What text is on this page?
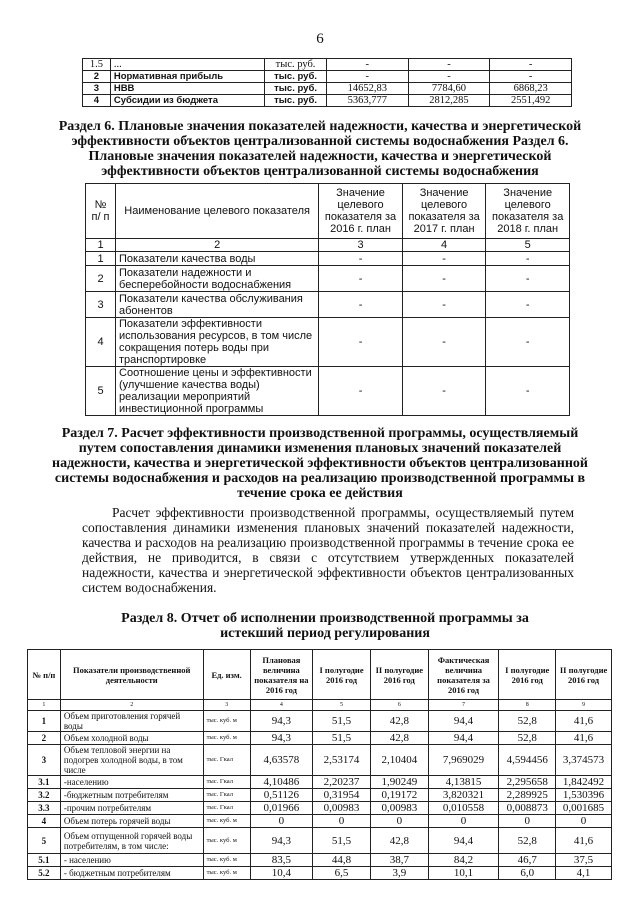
6
1.5	...	тыс. руб.	-	-	-
2	Нормативная прибыль	тыс. руб.	-	-	-
3	НВВ	тыс. руб.	14652,83	7784,60	6868,23
4	Субсидии из бюджета	тыс. руб.	5363,777	2812,285	2551,492
Раздел 6. Плановые значения показателей надежности, качества и энергетической эффективности объектов централизованной системы водоснабжения Раздел 6. Плановые значения показателей надежности, качества и энергетической эффективности объектов централизованной системы водоснабжения
№ п/ п	Наименование целевого показателя	Значение целевого показателя за 2016 г. план	Значение целевого показателя за 2017 г. план	Значение целевого показателя за 2018 г. план
1	2	3	4	5
1	Показатели качества воды	-	-	-
2	Показатели надежности и бесперебойности водоснабжения	-	-	-
3	Показатели качества обслуживания абонентов	-	-	-
4	Показатели эффективности использования ресурсов, в том числе сокращения потерь воды при транспортировке	-	-	-
5	Соотношение цены и эффективности (улучшение качества воды) реализации мероприятий инвестиционной программы	-	-	-
Раздел 7. Расчет эффективности производственной программы, осуществляемый путем сопоставления динамики изменения плановых значений показателей надежности, качества и энергетической эффективности объектов централизованной системы водоснабжения и расходов на реализацию производственной программы в течение срока ее действия
Расчет эффективности производственной программы, осуществляемый путем сопоставления динамики изменения плановых значений показателей надежности, качества и расходов на реализацию производственной программы в течение срока ее действия, не приводится, в связи с отсутствием утвержденных показателей надежности, качества и энергетической эффективности объектов централизованных систем водоснабжения.
Раздел 8. Отчет об исполнении производственной программы за истекший период регулирования
№ п/п	Показатели производственной деятельности	Ед. изм.	Плановая величина показателя на 2016 год	I полугодие 2016 год	II полугодие 2016 год	Фактическая величина показателя за 2016 год	I полугодие 2016 год	II полугодие 2016 год
1	2	3	4	5	6	7	8	9
1	Объем приготовления горячей воды	тыс. куб. м	94,3	51,5	42,8	94,4	52,8	41,6
2	Объем холодной воды	тыс. куб. м	94,3	51,5	42,8	94,4	52,8	41,6
3	Объем тепловой энергии на подогрев холодной воды, в том числе	тыс. Гкал	4,63578	2,53174	2,10404	7,969029	4,594456	3,374573
3.1	-населению	тыс. Гкал	4,10486	2,20237	1,90249	4,13815	2,295658	1,842492
3.2	-бюджетным потребителям	тыс. Гкал	0,51126	0,31954	0,19172	3,820321	2,289925	1,530396
3.3	-прочим потребителям	тыс. Гкал	0,01966	0,00983	0,00983	0,010558	0,008873	0,001685
4	Объем потерь горячей воды	тыс. куб. м	0	0	0	0	0	0
5	Объем отпущенной горячей воды потребителям, в том числе:	тыс. куб. м	94,3	51,5	42,8	94,4	52,8	41,6
5.1	- населению	тыс. куб. м	83,5	44,8	38,7	84,2	46,7	37,5
5.2	- бюджетным потребителям	тыс. куб. м	10,4	6,5	3,9	10,1	6,0	4,1
